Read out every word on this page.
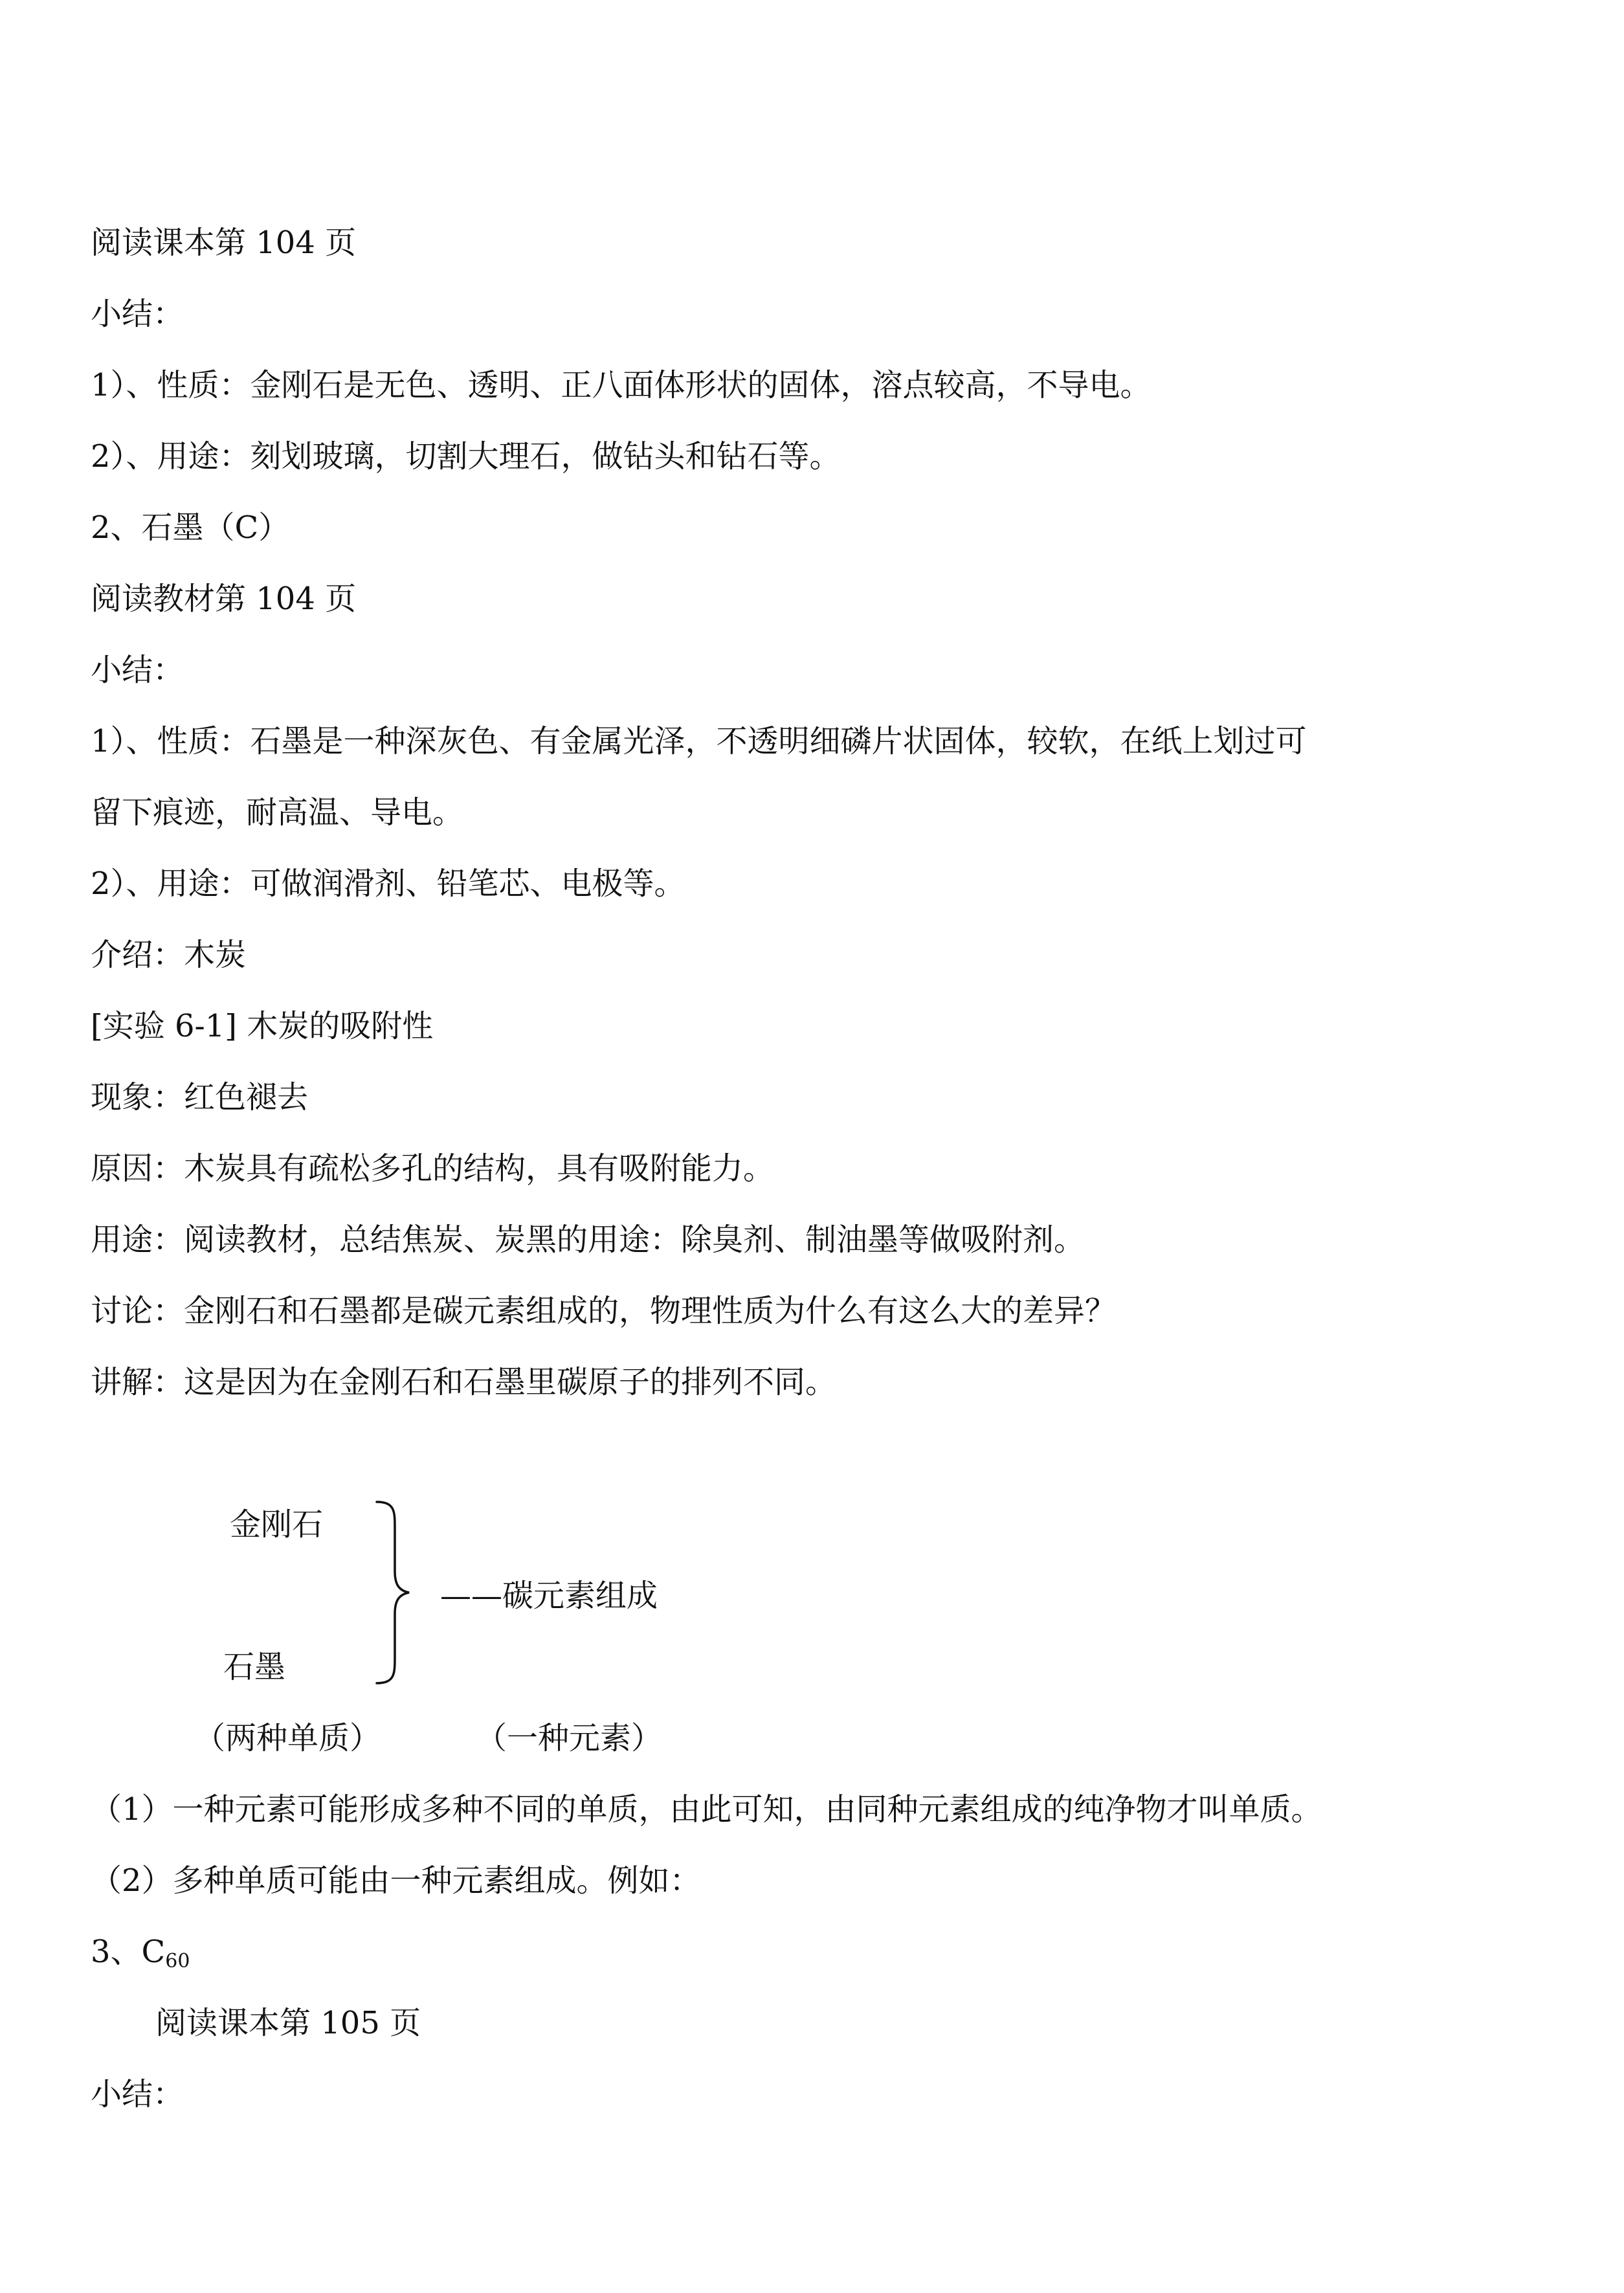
阅读课本第 104 页
小结：
1）、性质：金刚石是无色、透明、正八面体形状的固体，溶点较高，不导电。
2）、用途：刻划玻璃，切割大理石，做钻头和钻石等。
2、石墨（C）
阅读教材第 104 页
小结：
1）、性质：石墨是一种深灰色、有金属光泽，不透明细磷片状固体，较软，在纸上划过可
留下痕迹，耐高温、导电。
2）、用途：可做润滑剂、铅笔芯、电极等。
介绍：木炭
[实验 6-1] 木炭的吸附性
现象：红色褪去
原因：木炭具有疏松多孔的结构，具有吸附能力。
用途：阅读教材，总结焦炭、炭黑的用途：除臭剂、制油墨等做吸附剂。
讨论：金刚石和石墨都是碳元素组成的，物理性质为什么有这么大的差异？
讲解：这是因为在金刚石和石墨里碳原子的排列不同。
金刚石
石墨
——碳元素组成
（两种单质）	（一种元素）
（1）一种元素可能形成多种不同的单质，由此可知，由同种元素组成的纯净物才叫单质。
（2）多种单质可能由一种元素组成。例如：
3、$C_{60}$
阅读课本第 105 页
小结：
